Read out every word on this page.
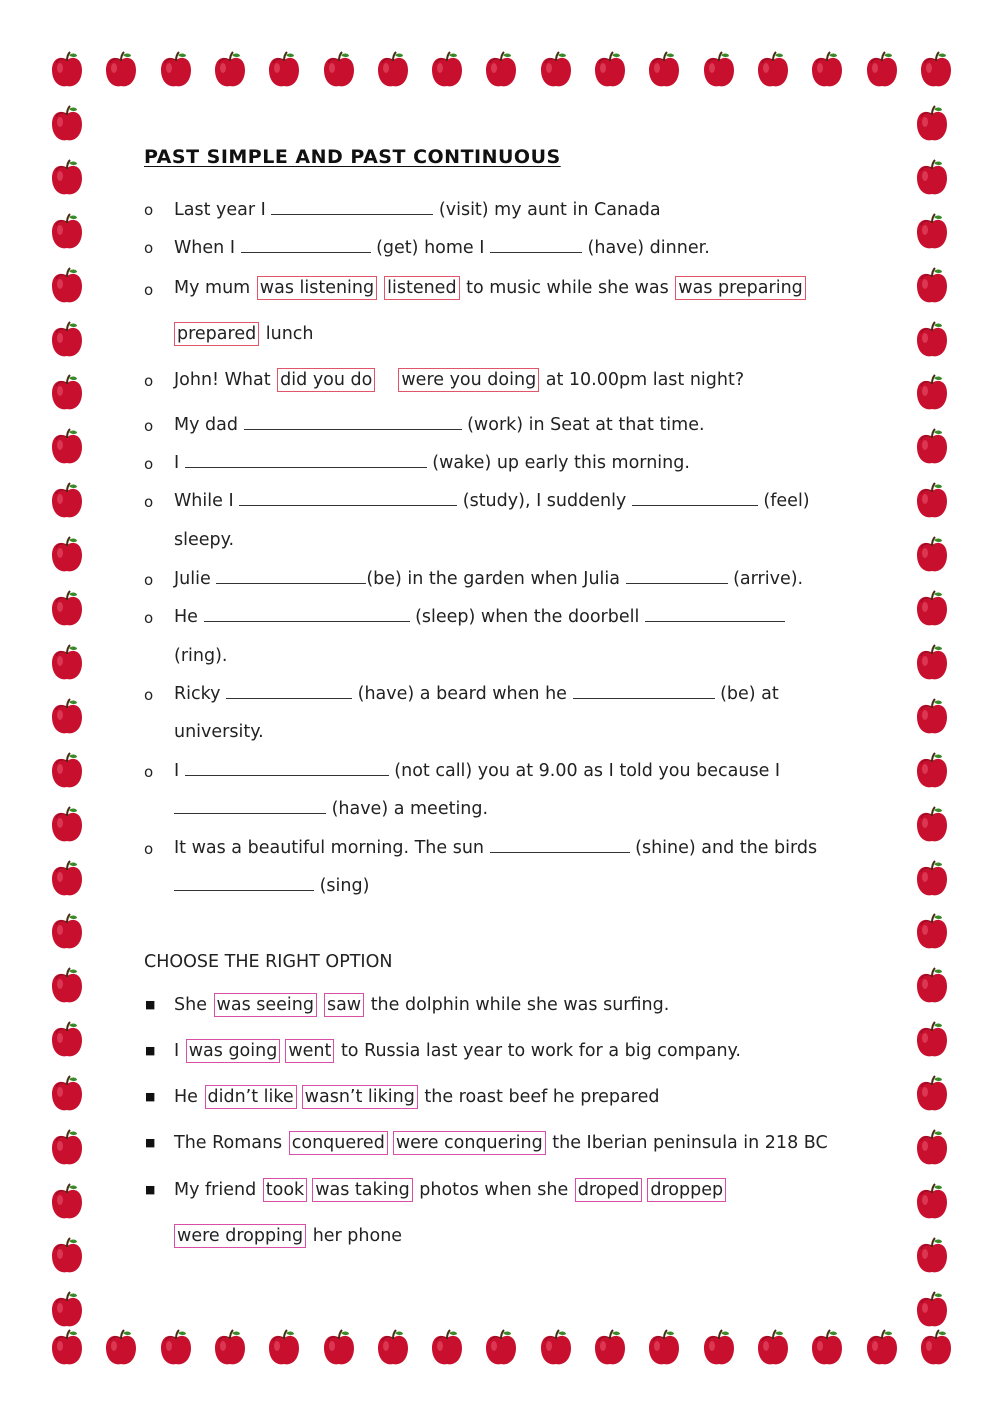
PAST SIMPLE AND PAST CONTINUOUS
o Last year I	(visit) my aunt in Canada
o When I	(get) home I	(have) dinner.
o My mum was listening listened to music while she was was preparing
prepared lunch
o John! What did you do were you doing at 10.00pm last night?
o My dad	(work) in Seat at that time.
o I	(wake) up early this morning.
o While I	(study), I suddenly	(feel)
sleepy.
o Julie	(be) in the garden when Julia	(arrive).
o He	(sleep) when the doorbell
(ring).
o Ricky	(have) a beard when he	(be) at
university.
o I	(not call) you at 9.00 as I told you because I
(have) a meeting.
o It was a beautiful morning. The sun	(shine) and the birds
(sing)
CHOOSE THE RIGHT OPTION
■ She was seeing saw the dolphin while she was surfing.
■ I was going went to Russia last year to work for a big company.
■ He didn’t like wasn’t liking the roast beef he prepared
■ The Romans conquered were conquering the Iberian peninsula in 218 BC
■ My friend took was taking photos when she droped droppep
were dropping her phone
